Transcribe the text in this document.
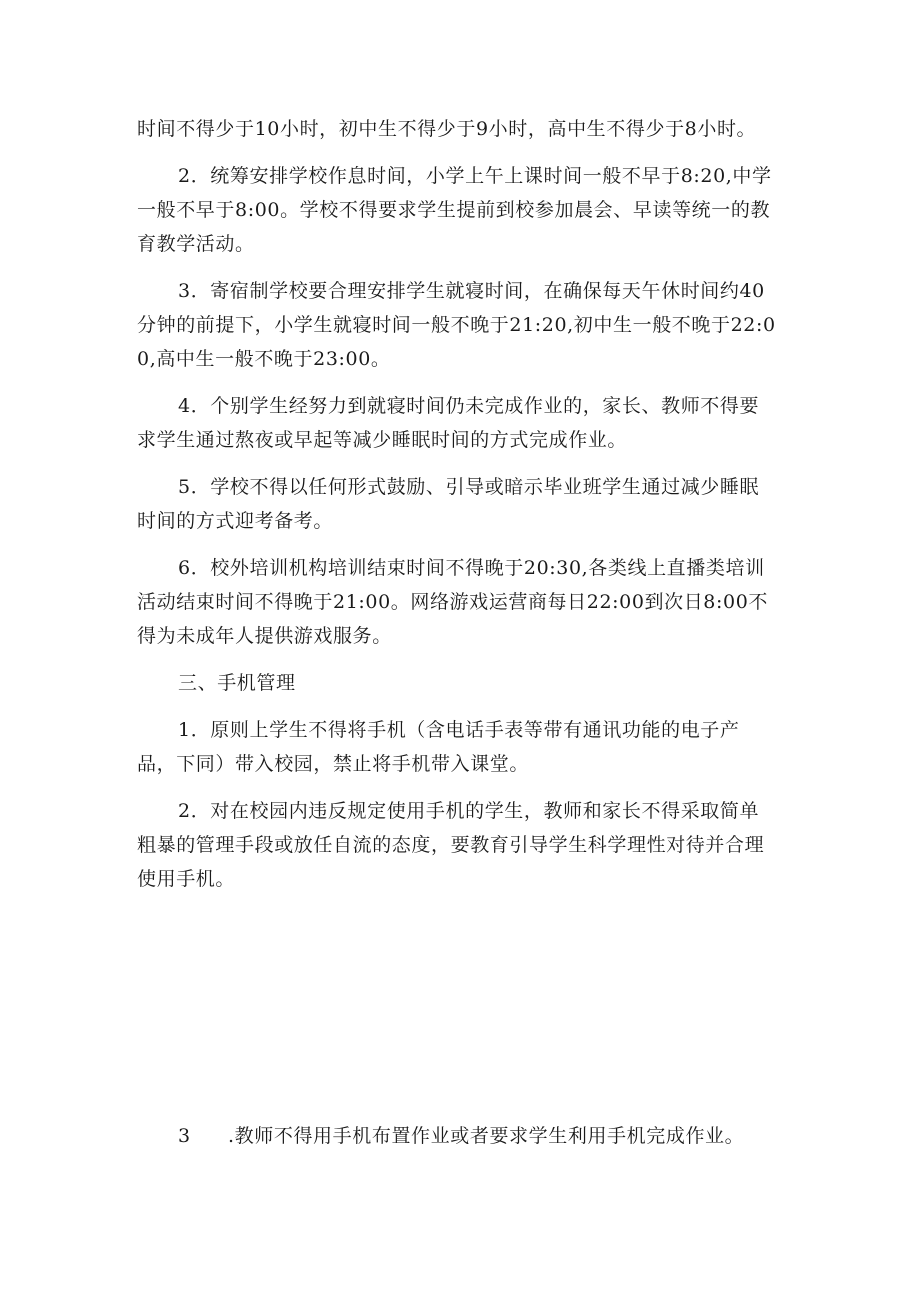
时间不得少于10小时，初中生不得少于9小时，高中生不得少于8小时。

2．统筹安排学校作息时间，小学上午上课时间一般不早于8:20,中学一般不早于8:00。学校不得要求学生提前到校参加晨会、早读等统一的教育教学活动。

3．寄宿制学校要合理安排学生就寝时间，在确保每天午休时间约40分钟的前提下，小学生就寝时间一般不晚于21:20,初中生一般不晚于22:00,高中生一般不晚于23:00。

4．个别学生经努力到就寝时间仍未完成作业的，家长、教师不得要求学生通过熬夜或早起等减少睡眠时间的方式完成作业。

5．学校不得以任何形式鼓励、引导或暗示毕业班学生通过减少睡眠时间的方式迎考备考。

6．校外培训机构培训结束时间不得晚于20:30,各类线上直播类培训活动结束时间不得晚于21:00。网络游戏运营商每日22:00到次日8:00不得为未成年人提供游戏服务。

三、手机管理

1．原则上学生不得将手机（含电话手表等带有通讯功能的电子产品，下同）带入校园，禁止将手机带入课堂。

2．对在校园内违反规定使用手机的学生，教师和家长不得采取简单粗暴的管理手段或放任自流的态度，要教育引导学生科学理性对待并合理使用手机。

3 .教师不得用手机布置作业或者要求学生利用手机完成作业。
